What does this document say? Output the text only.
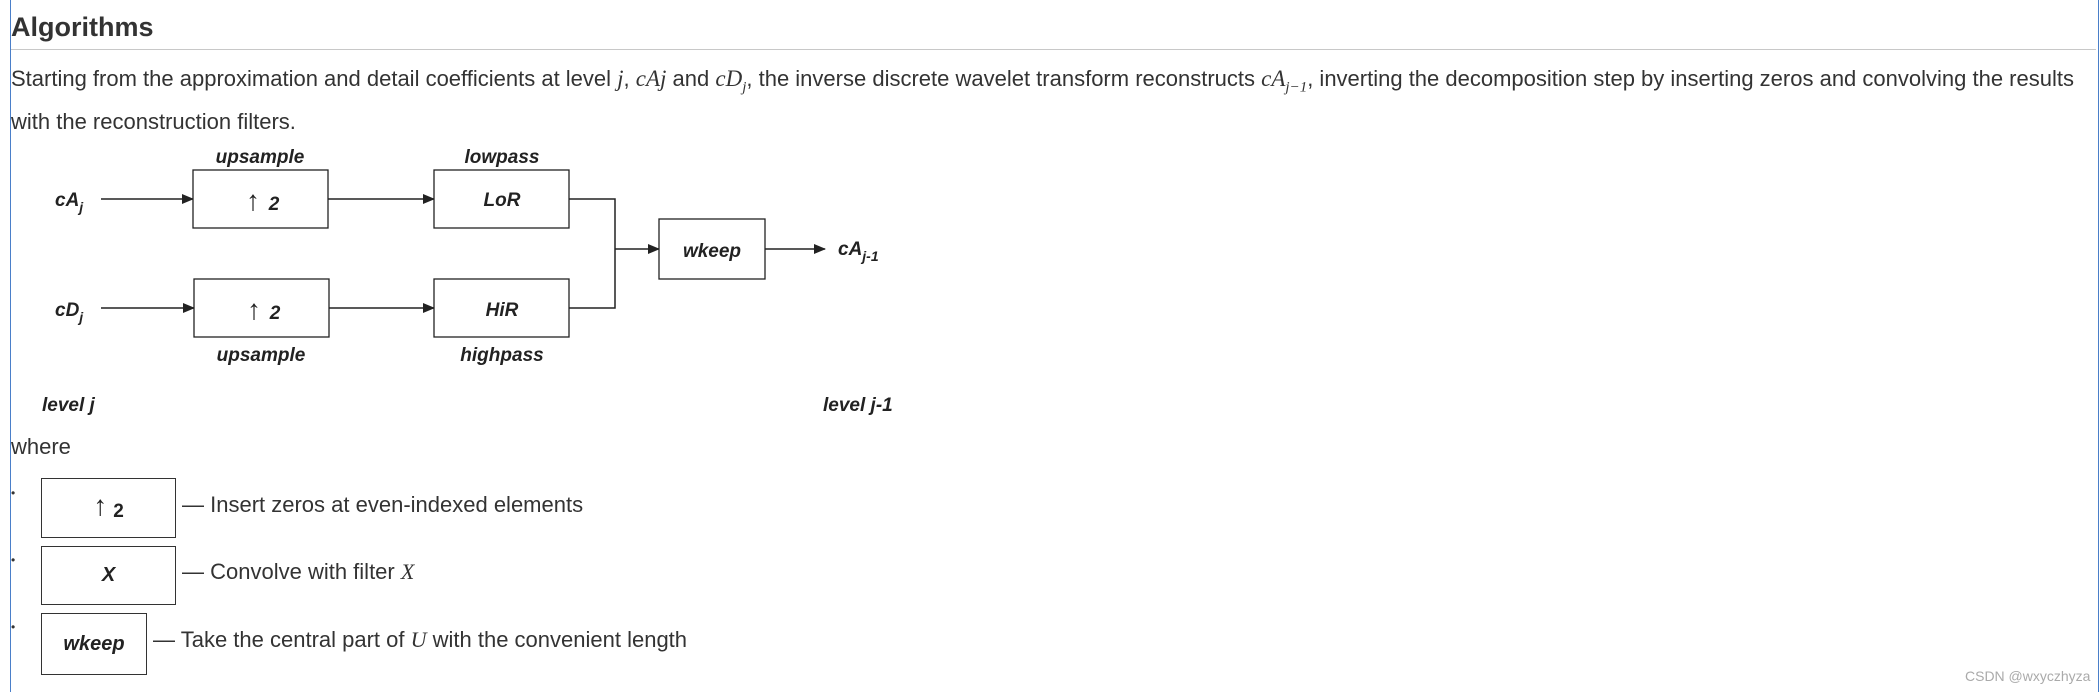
Algorithms
Starting from the approximation and detail coefficients at level j, cAj and $cD_j$, the inverse discrete wavelet transform reconstructs $cA_{j-1}$, inverting the decomposition step by inserting zeros and convolving the results with the reconstruction filters.
upsample	lowpass
$cA_j$	↑ 2	LoR
$cD_j$	↑ 2	HiR
wkeep	$cA_{j-1}$
upsample	highpass
level j	level j-1
where
•	↑ 2	— Insert zeros at even-indexed elements
•
X	— Convolve with filter X
•
wkeep	— Take the central part of U with the convenient length
CSDN @wxyczhyza
